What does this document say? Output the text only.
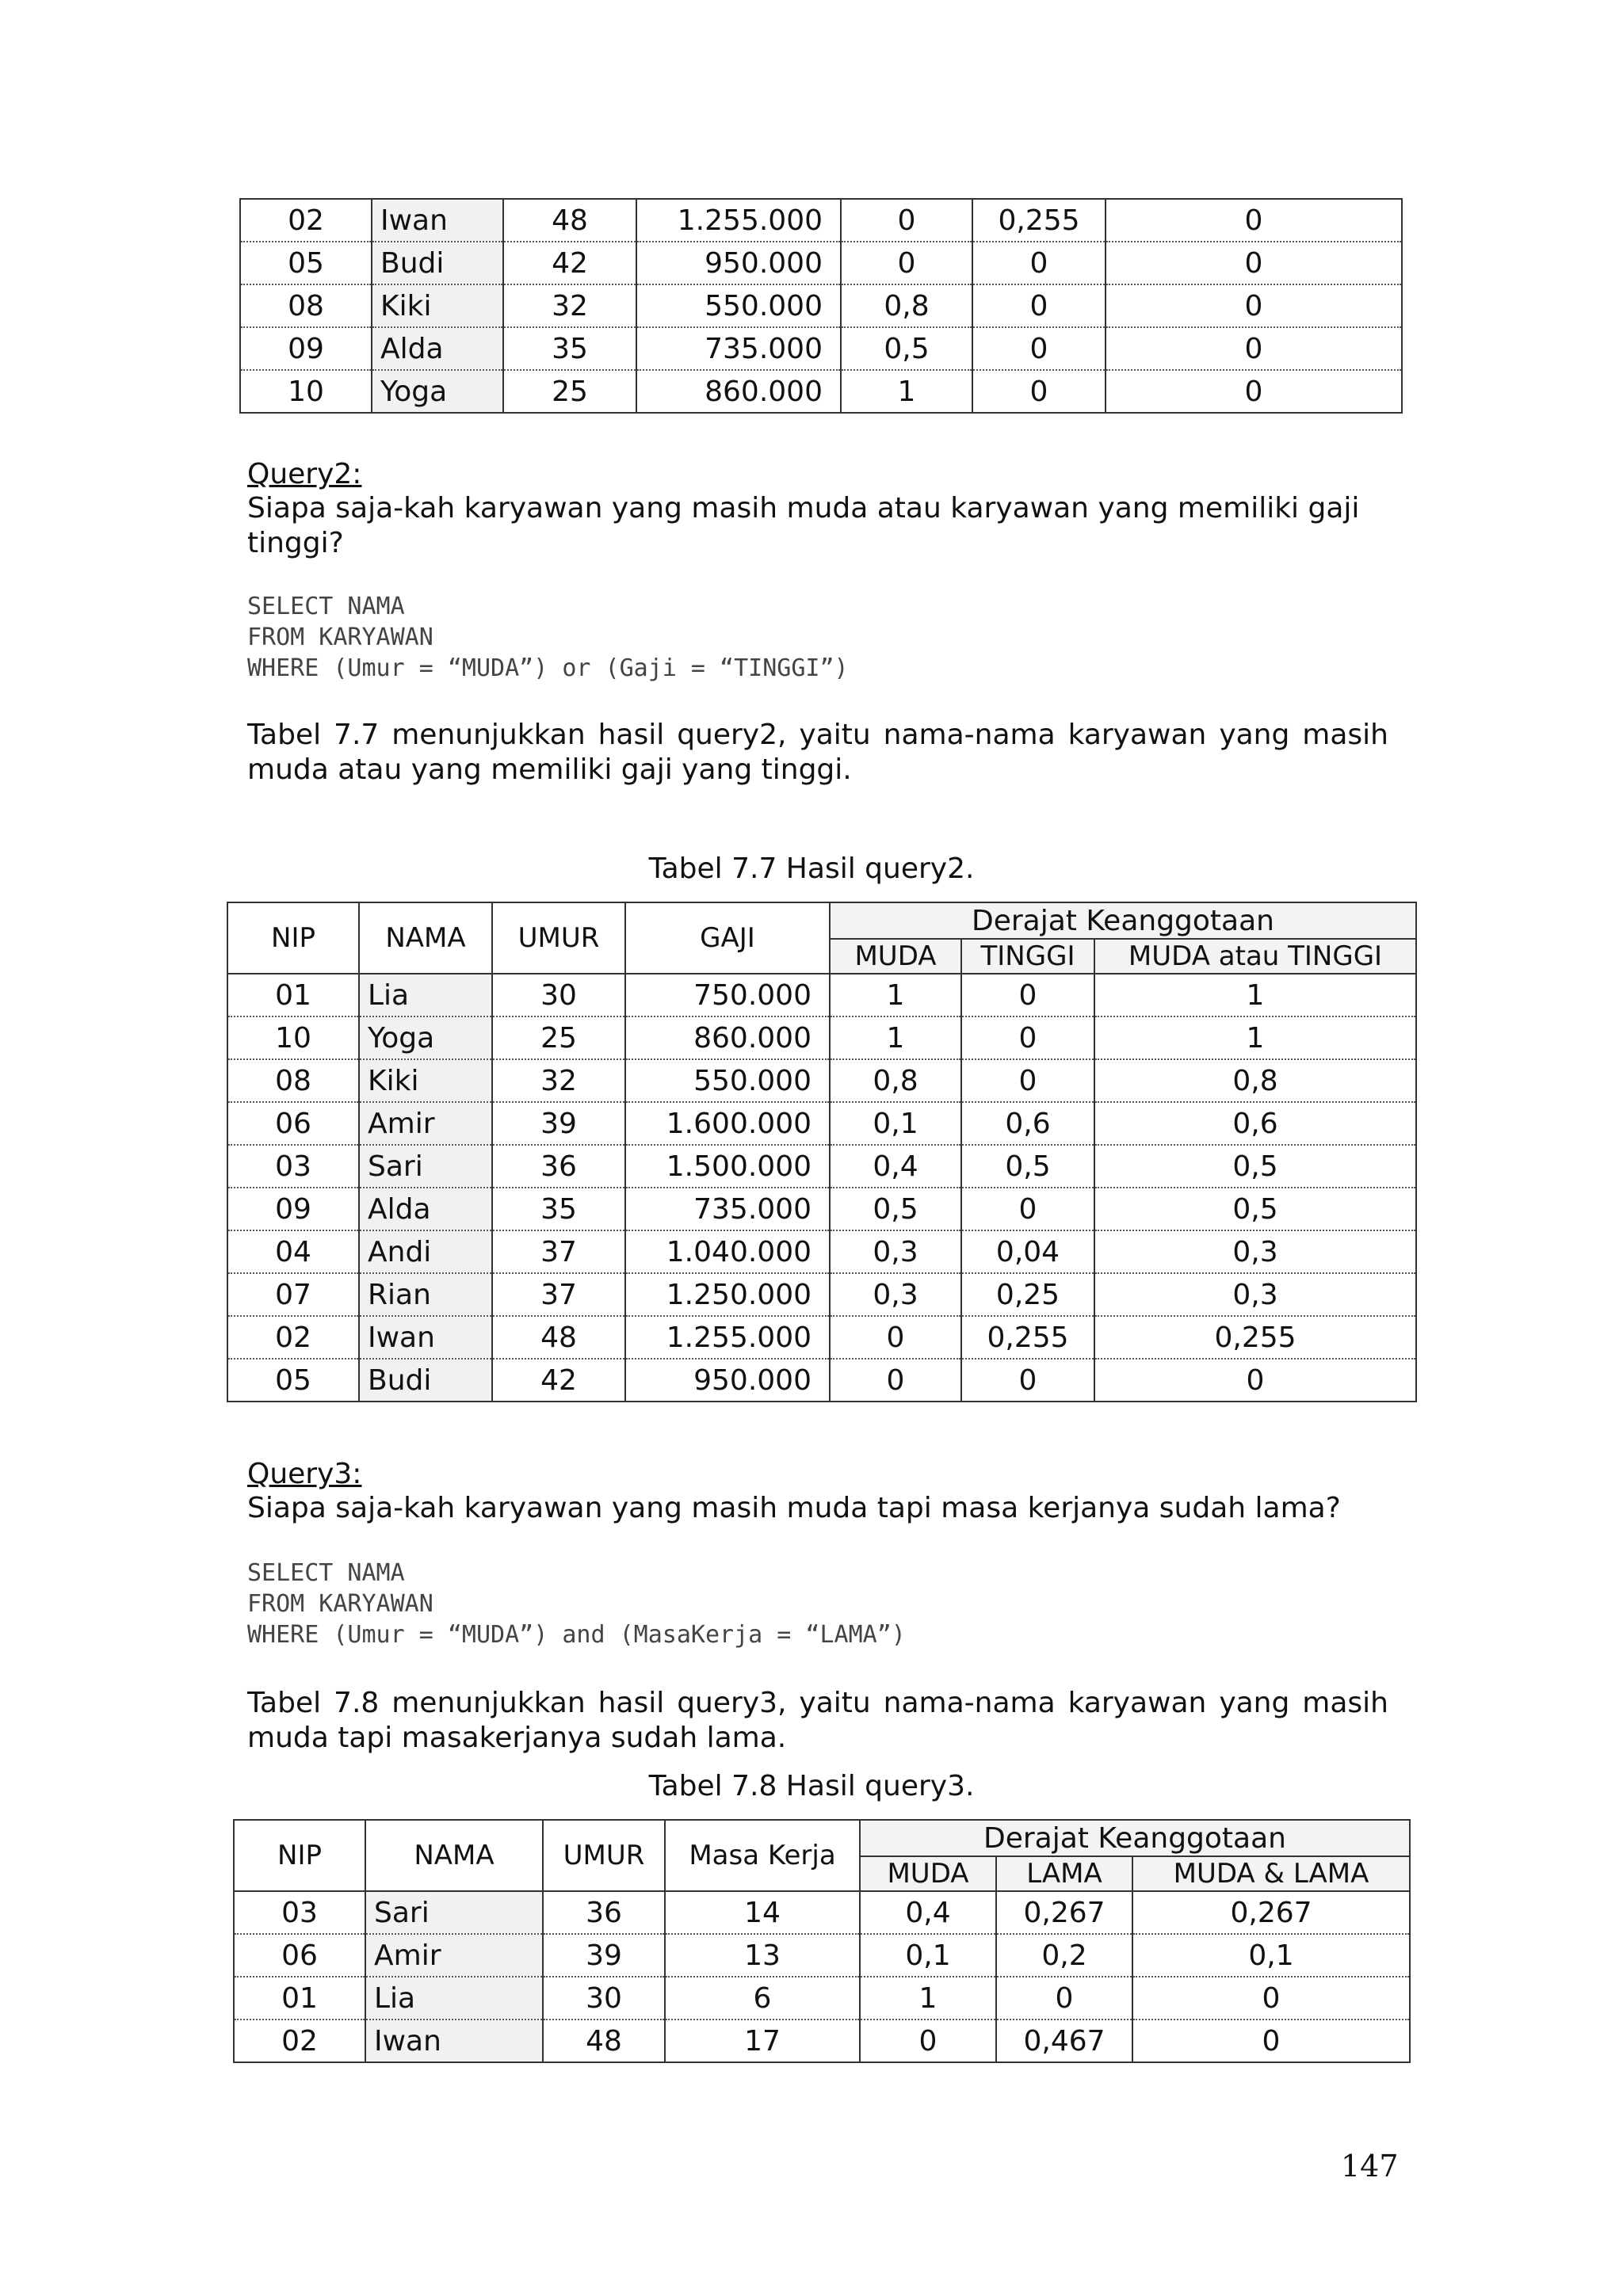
02	Iwan	48	1.255.000	0	0,255	0
05	Budi	42	950.000	0	0	0
08	Kiki	32	550.000	0,8	0	0
09	Alda	35	735.000	0,5	0	0
10	Yoga	25	860.000	1	0	0
Query2:
Siapa saja-kah karyawan yang masih muda atau karyawan yang memiliki gaji tinggi?
SELECT NAMA
FROM KARYAWAN
WHERE (Umur = “MUDA”) or (Gaji = “TINGGI”)
Tabel 7.7 menunjukkan hasil query2, yaitu nama-nama karyawan yang masih muda atau yang memiliki gaji yang tinggi.
Tabel 7.7 Hasil query2.
NIP	NAMA	UMUR	GAJI	Derajat Keanggotaan		
				MUDA	TINGGI	MUDA atau TINGGI
01	Lia	30	750.000	1	0	1
10	Yoga	25	860.000	1	0	1
08	Kiki	32	550.000	0,8	0	0,8
06	Amir	39	1.600.000	0,1	0,6	0,6
03	Sari	36	1.500.000	0,4	0,5	0,5
09	Alda	35	735.000	0,5	0	0,5
04	Andi	37	1.040.000	0,3	0,04	0,3
07	Rian	37	1.250.000	0,3	0,25	0,3
02	Iwan	48	1.255.000	0	0,255	0,255
05	Budi	42	950.000	0	0	0
Query3:
Siapa saja-kah karyawan yang masih muda tapi masa kerjanya sudah lama?
SELECT NAMA
FROM KARYAWAN
WHERE (Umur = “MUDA”) and (MasaKerja = “LAMA”)
Tabel 7.8 menunjukkan hasil query3, yaitu nama-nama karyawan yang masih muda tapi masakerjanya sudah lama.
Tabel 7.8 Hasil query3.
NIP	NAMA	UMUR	Masa Kerja	Derajat Keanggotaan		
				MUDA	LAMA	MUDA & LAMA
03	Sari	36	14	0,4	0,267	0,267
06	Amir	39	13	0,1	0,2	0,1
01	Lia	30	6	1	0	0
02	Iwan	48	17	0	0,467	0
147
